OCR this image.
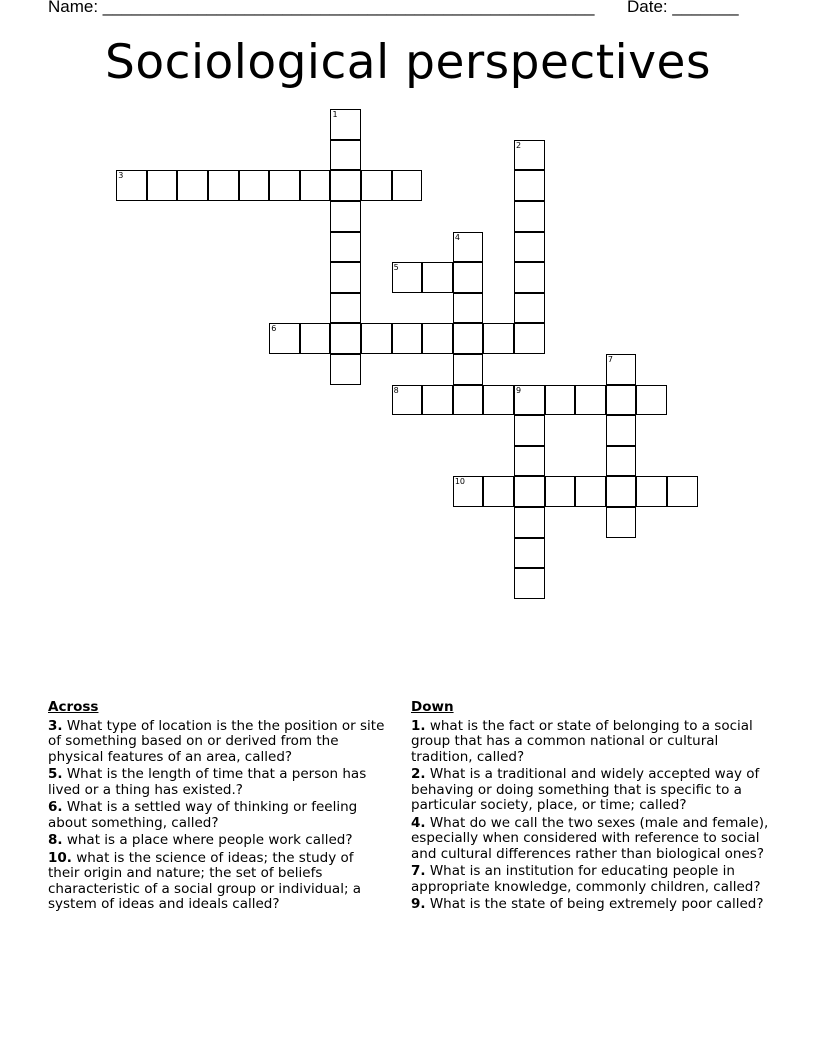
Name: ____________________________________________________ Date: _______
Sociological perspectives
1
2
3
4
5
6
7
8	9
10
Across
3. What type of location is the the position or site of something based on or derived from the physical features of an area, called?
5. What is the length of time that a person has lived or a thing has existed.?
6. What is a settled way of thinking or feeling about something, called?
8. what is a place where people work called?
10. what is the science of ideas; the study of their origin and nature; the set of beliefs characteristic of a social group or individual; a system of ideas and ideals called?
Down
1. what is the fact or state of belonging to a social group that has a common national or cultural tradition, called?
2. What is a traditional and widely accepted way of behaving or doing something that is specific to a particular society, place, or time; called?
4. What do we call the two sexes (male and female), especially when considered with reference to social and cultural differences rather than biological ones?
7. What is an institution for educating people in appropriate knowledge, commonly children, called?
9. What is the state of being extremely poor called?
